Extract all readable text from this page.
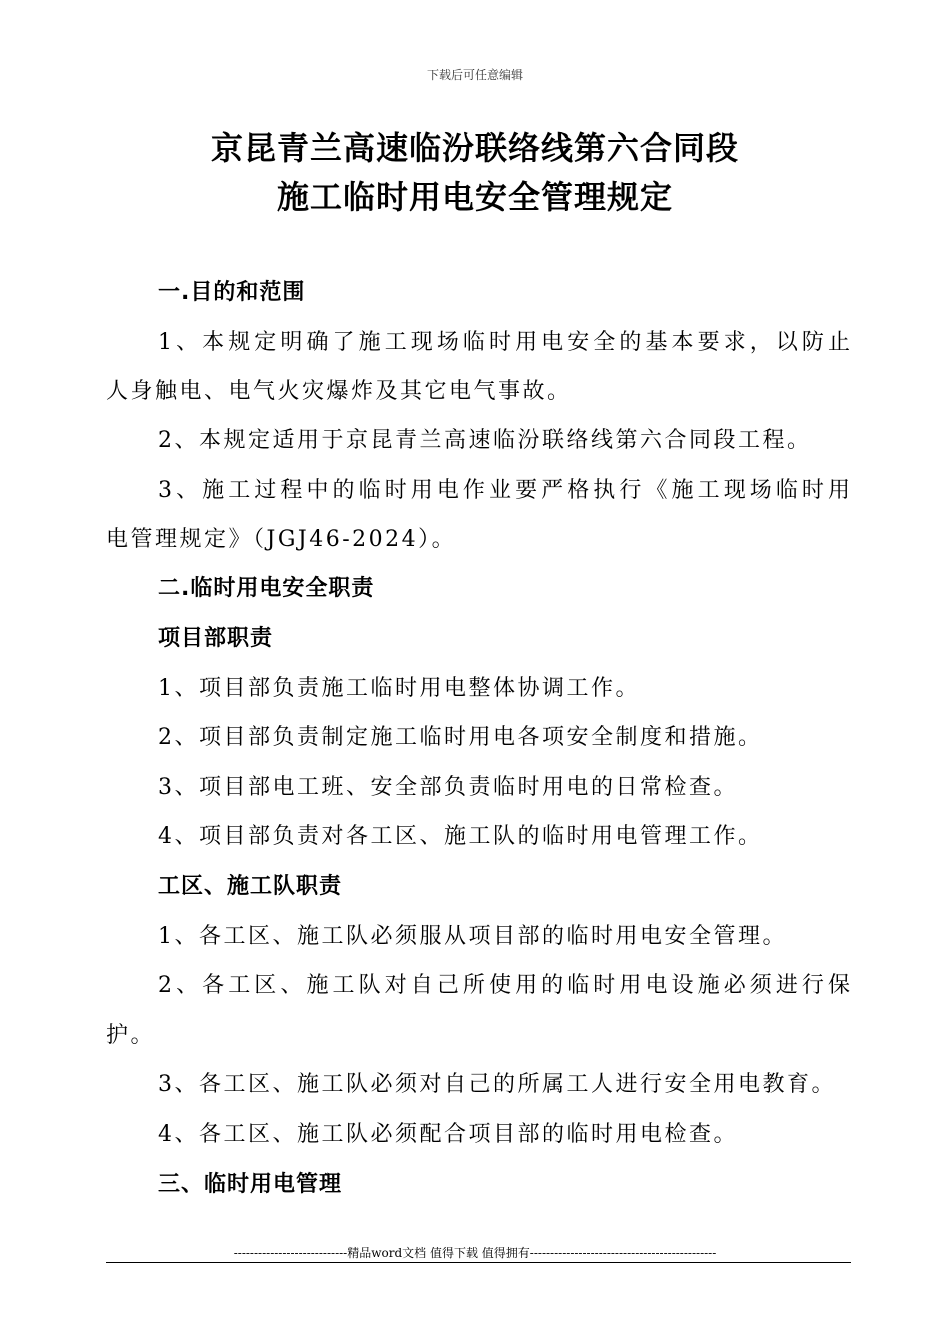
下载后可任意编辑
京昆青兰高速临汾联络线第六合同段
施工临时用电安全管理规定
一.目的和范围
1、本规定明确了施工现场临时用电安全的基本要求，以防止
人身触电、电气火灾爆炸及其它电气事故。
2、本规定适用于京昆青兰高速临汾联络线第六合同段工程。
3、施工过程中的临时用电作业要严格执行《施工现场临时用
电管理规定》（JGJ46-2024）。
二.临时用电安全职责
项目部职责
1、项目部负责施工临时用电整体协调工作。
2、项目部负责制定施工临时用电各项安全制度和措施。
3、项目部电工班、安全部负责临时用电的日常检查。
4、项目部负责对各工区、施工队的临时用电管理工作。
工区、施工队职责
1、各工区、施工队必须服从项目部的临时用电安全管理。
2、各工区、施工队对自己所使用的临时用电设施必须进行保
护。
3、各工区、施工队必须对自己的所属工人进行安全用电教育。
4、各工区、施工队必须配合项目部的临时用电检查。
三、临时用电管理
----------------------------精品word文档 值得下载 值得拥有----------------------------------------------
